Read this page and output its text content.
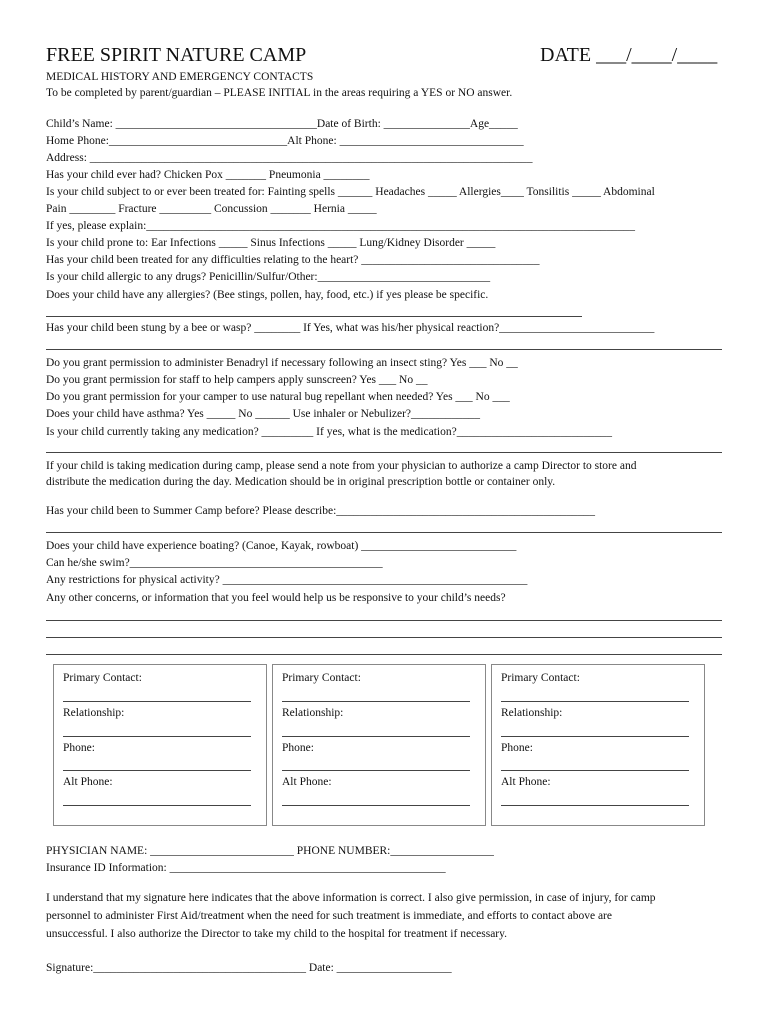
FREE SPIRIT NATURE CAMP	DATE ___/____/____
MEDICAL HISTORY AND EMERGENCY CONTACTS
To be completed by parent/guardian – PLEASE INITIAL in the areas requiring a YES or NO answer.
Child’s Name: ___________________________________Date of Birth: _______________Age_____
Home Phone:_______________________________Alt Phone: ________________________________
Address: _____________________________________________________________________________
Has your child ever had? Chicken Pox _______ Pneumonia ________
Is your child subject to or ever been treated for: Fainting spells ______ Headaches _____ Allergies____ Tonsilitis _____ Abdominal
Pain ________ Fracture _________ Concussion _______ Hernia _____
If yes, please explain:_____________________________________________________________________________________
Is your child prone to: Ear Infections _____ Sinus Infections _____ Lung/Kidney Disorder _____
Has your child been treated for any difficulties relating to the heart? _______________________________
Is your child allergic to any drugs? Penicillin/Sulfur/Other:______________________________
Does your child have any allergies? (Bee stings, pollen, hay, food, etc.) if yes please be specific.
Has your child been stung by a bee or wasp? ________ If Yes, what was his/her physical reaction?___________________________
Do you grant permission to administer Benadryl if necessary following an insect sting? Yes ___ No __
Do you grant permission for staff to help campers apply sunscreen? Yes ___ No __
Do you grant permission for your camper to use natural bug repellant when needed? Yes ___ No ___
Does your child have asthma? Yes _____ No ______ Use inhaler or Nebulizer?____________
Is your child currently taking any medication? _________ If yes, what is the medication?___________________________
If your child is taking medication during camp, please send a note from your physician to authorize a camp Director to store and
distribute the medication during the day. Medication should be in original prescription bottle or container only.
Has your child been to Summer Camp before? Please describe:_____________________________________________
Does your child have experience boating? (Canoe, Kayak, rowboat) ___________________________
Can he/she swim?____________________________________________
Any restrictions for physical activity? _____________________________________________________
Any other concerns, or information that you feel would help us be responsive to your child’s needs?
Primary Contact:
Relationship:
Phone:
Alt Phone:
Primary Contact:
Relationship:
Phone:
Alt Phone:
Primary Contact:
Relationship:
Phone:
Alt Phone:
PHYSICIAN NAME: _________________________ PHONE NUMBER:__________________
Insurance ID Information: ________________________________________________
I understand that my signature here indicates that the above information is correct. I also give permission, in case of injury, for camp
personnel to administer First Aid/treatment when the need for such treatment is immediate, and efforts to contact above are
unsuccessful. I also authorize the Director to take my child to the hospital for treatment if necessary.
Signature:_____________________________________ Date: ____________________
